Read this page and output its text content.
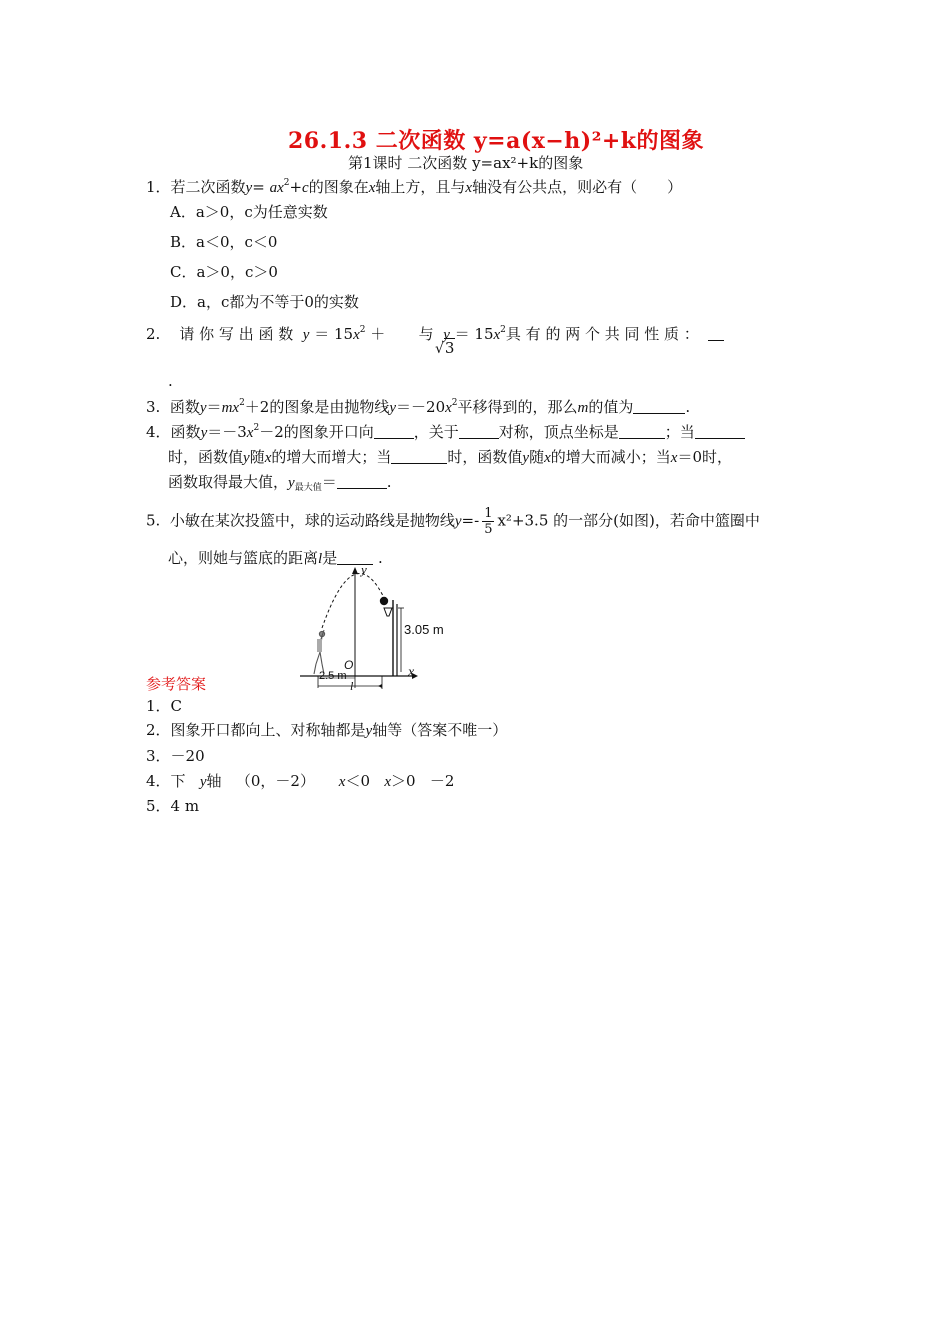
26.1.3 二次函数 y=a(x−h)²+k的图象
第1课时 二次函数 y=ax²+k的图象
1．若二次函数$y= ax^2+c$的图象在x轴上方，且与x轴没有公共点，则必有（　　）
A．a＞0，c为任意实数
B．a＜0，c＜0
C．a＞0，c＞0
D．a，c都为不等于0的实数
2. 请 你 写 出 函 数 $y = 15x^2$ ＋       与 $y = 15x^2$具 有 的 两 个 共 同 性 质 ：
√3
.
3. 函数$y=mx^2+2$的图象是由抛物线$y=-20x^2$平移得到的，那么m的值为	.
4．函数$y=-3x^2-2$的图象开口向	，关于	对称，顶点坐标是	；当
时，函数值y随x的增大而增大；当	时，函数值y随x的增大而减小；当x＝0时，
函数取得最大值，$y_{最大值}=$	.
5. 小敏在某次投篮中，球的运动路线是抛物线$y=- \frac{1}{5} x^2+3.5$ 的一部分(如图)，若命中篮圈中
心，则她与篮底的距离l是	.
3.05 m
2.5 m
O	x
y
l
参考答案
1．C
2．图象开口都向上、对称轴都是y轴等（答案不唯一）
3．－20
4．下 y轴 （0，－2） x＜0 x＞0 －2
5．4 m
